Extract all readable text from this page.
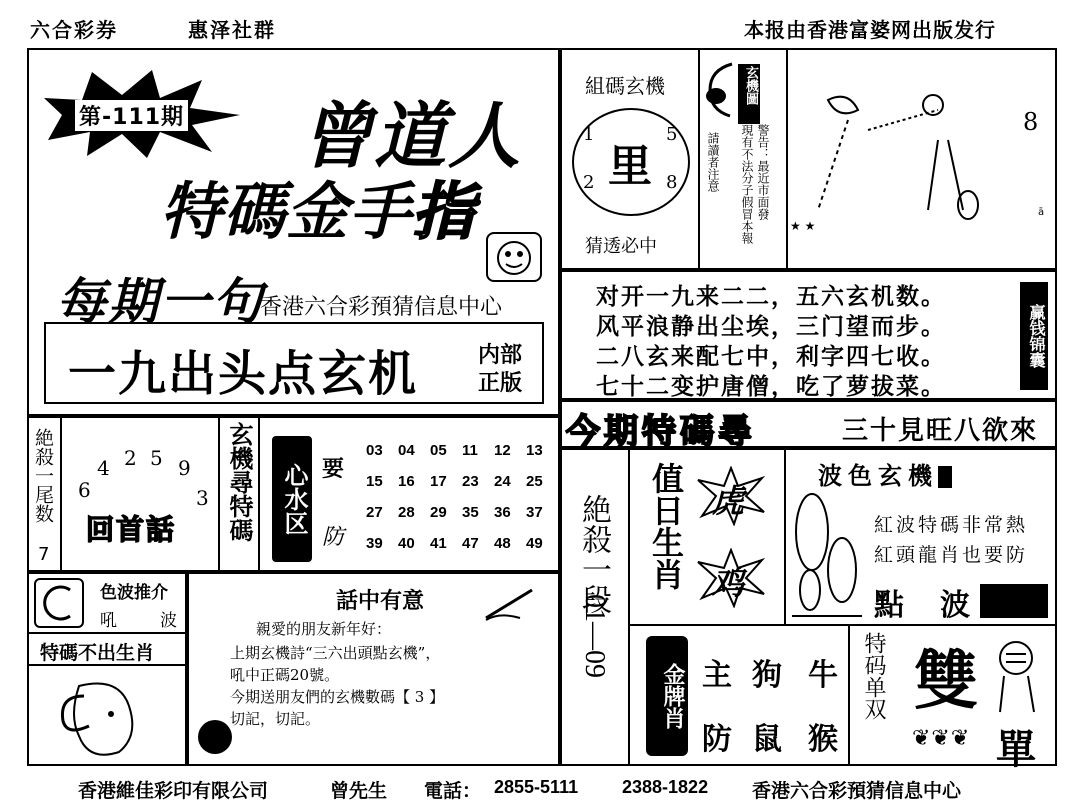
六合彩券	惠泽社群	本报由香港富婆网出版发行
第-111期 曾道人
特碼金手指
每期一句
香港六合彩預猜信息中心
一九出头点玄机	内部
正版
組碼玄機
1	5
2	8
里
猜透必中
玄機圖
警告：最近市面發
現有不法分子假冒本報
請讀者注意
8
★ ★
ā
对开一九来二二，五六玄机数。
风平浪静出尘埃，三门望而步。
二八玄来配七中，利字四七收。
七十二变护唐僧，吃了萝拔菜。
赢钱锦囊
今期特碼尋	三十見旺八欲來
絶殺一尾数
7
6
4 2 5 9
3
回首話 玄機尋特碼	心水区 要
防
03 04 05 11 12 13
15 16 17 23 24 25
27 28 29 35 36 37
39 40 41 47 48 49
色波推介
吼	波
特碼不出生肖
話中有意
親愛的朋友新年好：
上期玄機詩“三六出頭點玄機”，
吼中正碼20號。
今期送朋友們的玄機數碼【 3 】
切記，切記。
絶殺一段
01—09
值日生肖 虎
鸡
波色玄機
紅波特碼非常熱
紅頭龍肖也要防
點 波
金牌肖 主 狗 牛
防 鼠 猴
特码单双 雙
❦❦❦ 單
香港維佳彩印有限公司	曾先生 電話： 2855-5111 2388-1822 香港六合彩預猜信息中心
